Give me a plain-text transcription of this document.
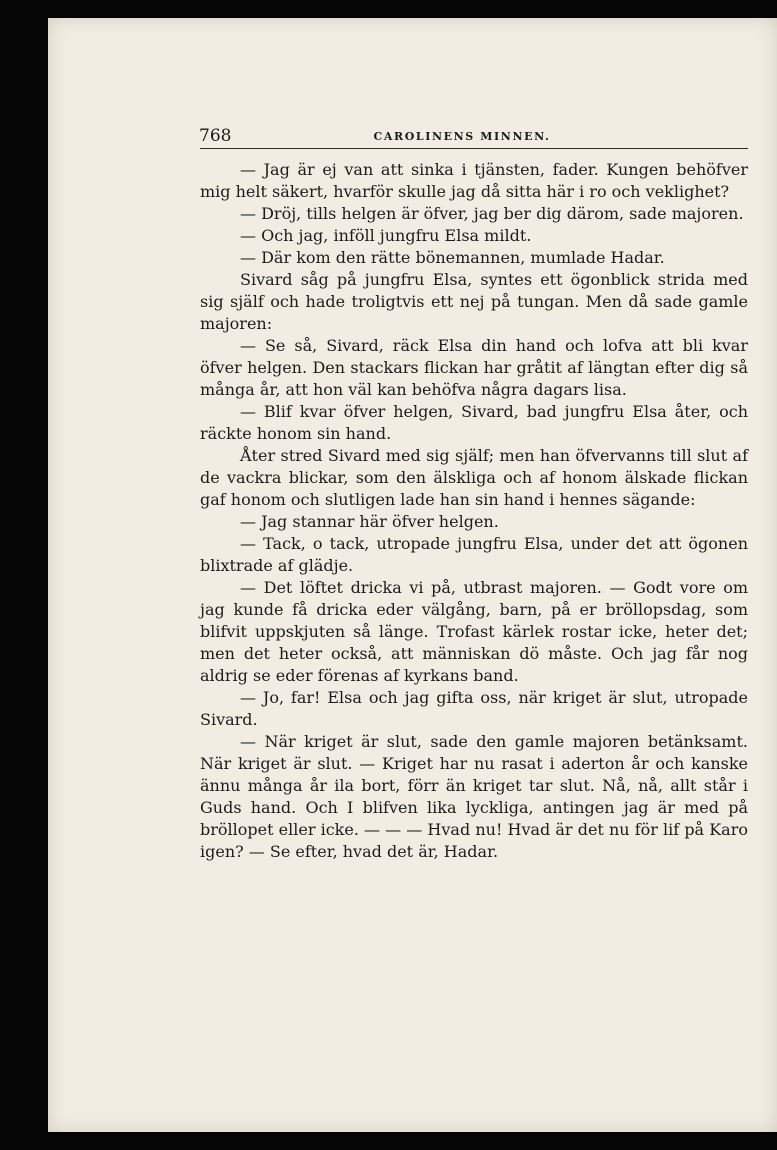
768	CAROLINENS MINNEN.

— Jag är ej van att sinka i tjänsten, fader. Kungen behöfver mig helt säkert, hvarför skulle jag då sitta här i ro och veklighet?

— Dröj, tills helgen är öfver, jag ber dig därom, sade majoren.

— Och jag, inföll jungfru Elsa mildt.

— Där kom den rätte bönemannen, mumlade Hadar.

Sivard såg på jungfru Elsa, syntes ett ögonblick strida med sig själf och hade troligtvis ett nej på tungan. Men då sade gamle majoren:

— Se så, Sivard, räck Elsa din hand och lofva att bli kvar öfver helgen. Den stackars flickan har gråtit af längtan efter dig så många år, att hon väl kan behöfva några dagars lisa.

— Blif kvar öfver helgen, Sivard, bad jungfru Elsa åter, och räckte honom sin hand.

Åter stred Sivard med sig själf; men han öfvervanns till slut af de vackra blickar, som den älskliga och af honom älskade flickan gaf honom och slutligen lade han sin hand i hennes sägande:

— Jag stannar här öfver helgen.

— Tack, o tack, utropade jungfru Elsa, under det att ögonen blixtrade af glädje.

— Det löftet dricka vi på, utbrast majoren. — Godt vore om jag kunde få dricka eder välgång, barn, på er bröllopsdag, som blifvit uppskjuten så länge. Trofast kärlek rostar icke, heter det; men det heter också, att människan dö måste. Och jag får nog aldrig se eder förenas af kyrkans band.

— Jo, far! Elsa och jag gifta oss, när kriget är slut, utropade Sivard.

— När kriget är slut, sade den gamle majoren betänksamt. När kriget är slut. — Kriget har nu rasat i aderton år och kanske ännu många år ila bort, förr än kriget tar slut. Nå, nå, allt står i Guds hand. Och I blifven lika lyckliga, antingen jag är med på bröllopet eller icke. — — — Hvad nu! Hvad är det nu för lif på Karo igen? — Se efter, hvad det är, Hadar.
